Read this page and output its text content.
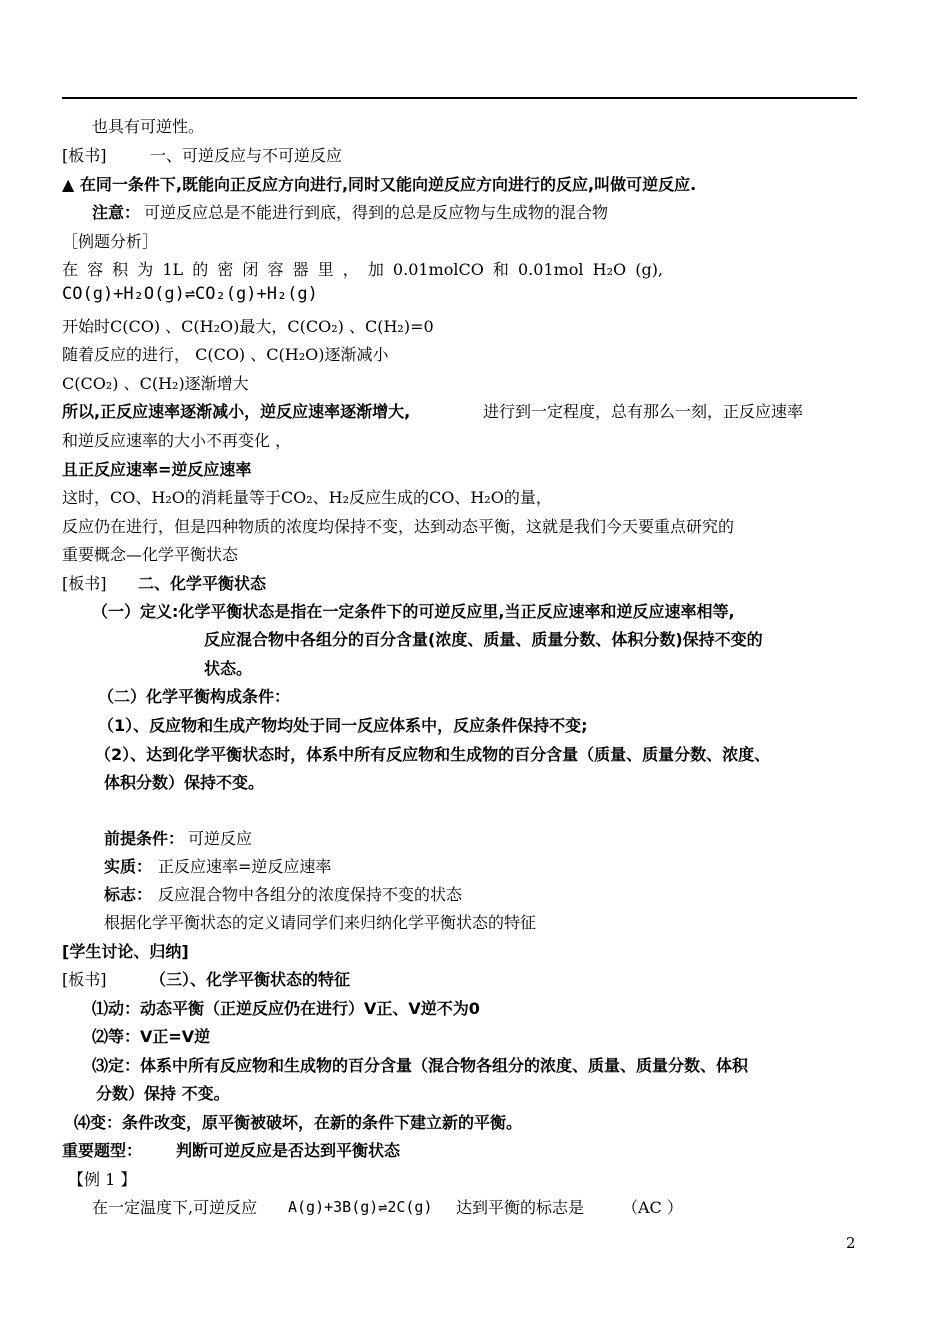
也具有可逆性。
[板书]	一、可逆反应与不可逆反应
▲ 在同一条件下,既能向正反应方向进行,同时又能向逆反应方向进行的反应,叫做可逆反应.
注意： 可逆反应总是不能进行到底，得到的总是反应物与生成物的混合物
［例题分析］
在 容 积 为 1L 的 密 闭 容 器 里 ， 加 0.01molCO 和 0.01mol H₂O (g),
CO(g)+H₂O(g)⇌CO₂(g)+H₂(g)
开始时C(CO) 、C(H₂O)最大，C(CO₂) 、C(H₂)=0
随着反应的进行， C(CO) 、C(H₂O)逐渐减小
C(CO₂) 、C(H₂)逐渐增大
所以,正反应速率逐渐减小，逆反应速率逐渐增大,	进行到一定程度，总有那么一刻，正反应速率
和逆反应速率的大小不再变化 ，
且正反应速率=逆反应速率
这时，CO、H₂O的消耗量等于CO₂、H₂反应生成的CO、H₂O的量，
反应仍在进行，但是四种物质的浓度均保持不变，达到动态平衡，这就是我们今天要重点研究的
重要概念—化学平衡状态
[板书] 二、化学平衡状态
（一）定义:化学平衡状态是指在一定条件下的可逆反应里,当正反应速率和逆反应速率相等,
反应混合物中各组分的百分含量(浓度、质量、质量分数、体积分数)保持不变的
状态。
（二）化学平衡构成条件：
（1）、反应物和生成产物均处于同一反应体系中，反应条件保持不变;
（2）、达到化学平衡状态时，体系中所有反应物和生成物的百分含量（质量、质量分数、浓度、
体积分数）保持不变。
前提条件： 可逆反应
实质： 正反应速率=逆反应速率
标志： 反应混合物中各组分的浓度保持不变的状态
根据化学平衡状态的定义请同学们来归纳化学平衡状态的特征
[学生讨论、归纳]
[板书]	（三）、化学平衡状态的特征
⑴动：动态平衡（正逆反应仍在进行）V正、V逆不为0
⑵等：V正=V逆
⑶定：体系中所有反应物和生成物的百分含量（混合物各组分的浓度、质量、质量分数、体积
分数）保持 不变。
⑷变：条件改变，原平衡被破坏，在新的条件下建立新的平衡。
重要题型： 判断可逆反应是否达到平衡状态
【例 1 】
在一定温度下,可逆反应 A(g)+3B(g)⇌2C(g) 达到平衡的标志是 （AC ）
2
